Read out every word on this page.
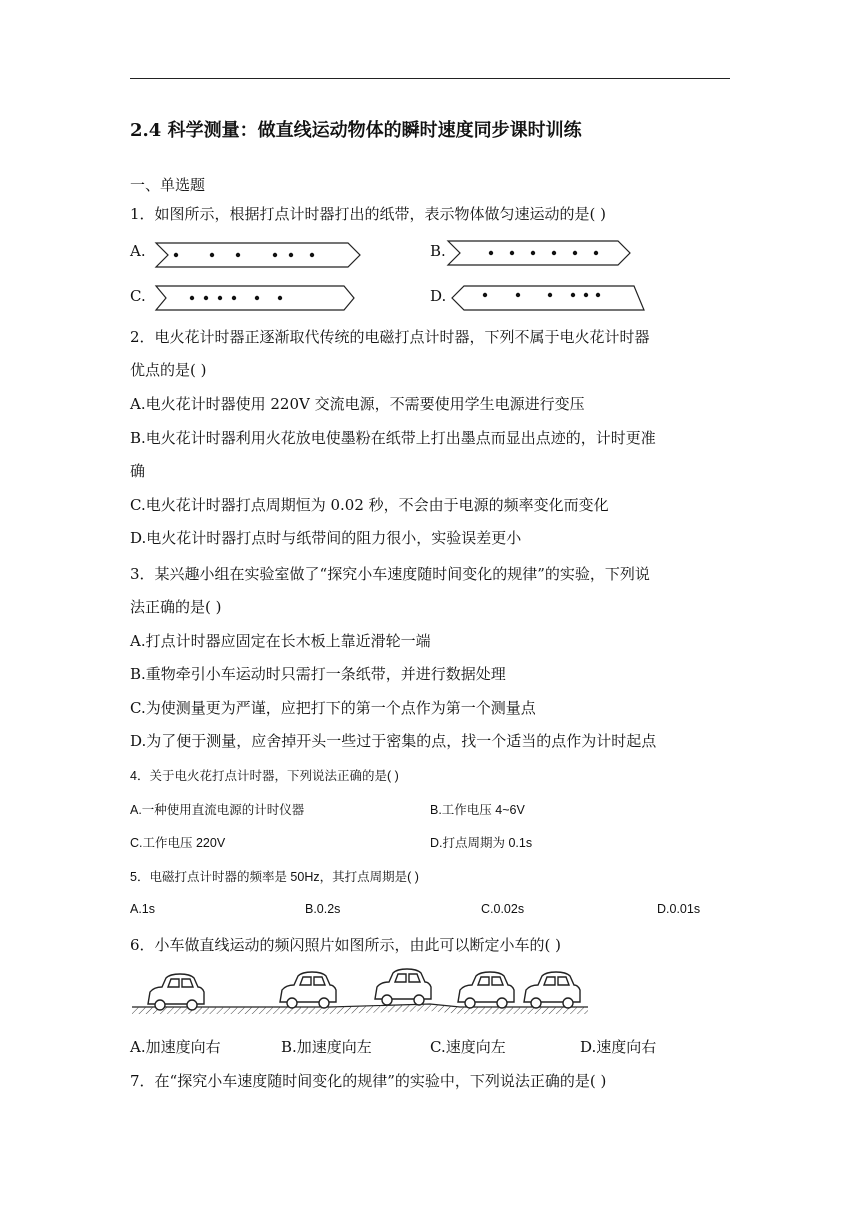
2.4 科学测量：做直线运动物体的瞬时速度同步课时训练
一、单选题
1．如图所示，根据打点计时器打出的纸带，表示物体做匀速运动的是( )
A.	B.
C.	D.
2．电火花计时器正逐渐取代传统的电磁打点计时器，下列不属于电火花计时器
优点的是( )
A.电火花计时器使用 220V 交流电源，不需要使用学生电源进行变压
B.电火花计时器利用火花放电使墨粉在纸带上打出墨点而显出点迹的，计时更准
确
C.电火花计时器打点周期恒为 0.02 秒，不会由于电源的频率变化而变化
D.电火花计时器打点时与纸带间的阻力很小，实验误差更小
3．某兴趣小组在实验室做了“探究小车速度随时间变化的规律”的实验，下列说
法正确的是( )
A.打点计时器应固定在长木板上靠近滑轮一端
B.重物牵引小车运动时只需打一条纸带，并进行数据处理
C.为使测量更为严谨，应把打下的第一个点作为第一个测量点
D.为了便于测量，应舍掉开头一些过于密集的点，找一个适当的点作为计时起点
4．关于电火花打点计时器，下列说法正确的是( )
A.一种使用直流电源的计时仪器	B.工作电压 4~6V
C.工作电压 220V	D.打点周期为 0.1s
5．电磁打点计时器的频率是 50Hz，其打点周期是( )
A.1s	B.0.2s	C.0.02s	D.0.01s
6．小车做直线运动的频闪照片如图所示，由此可以断定小车的( )
A.加速度向右	B.加速度向左	C.速度向左	D.速度向右
7．在“探究小车速度随时间变化的规律”的实验中，下列说法正确的是( )
